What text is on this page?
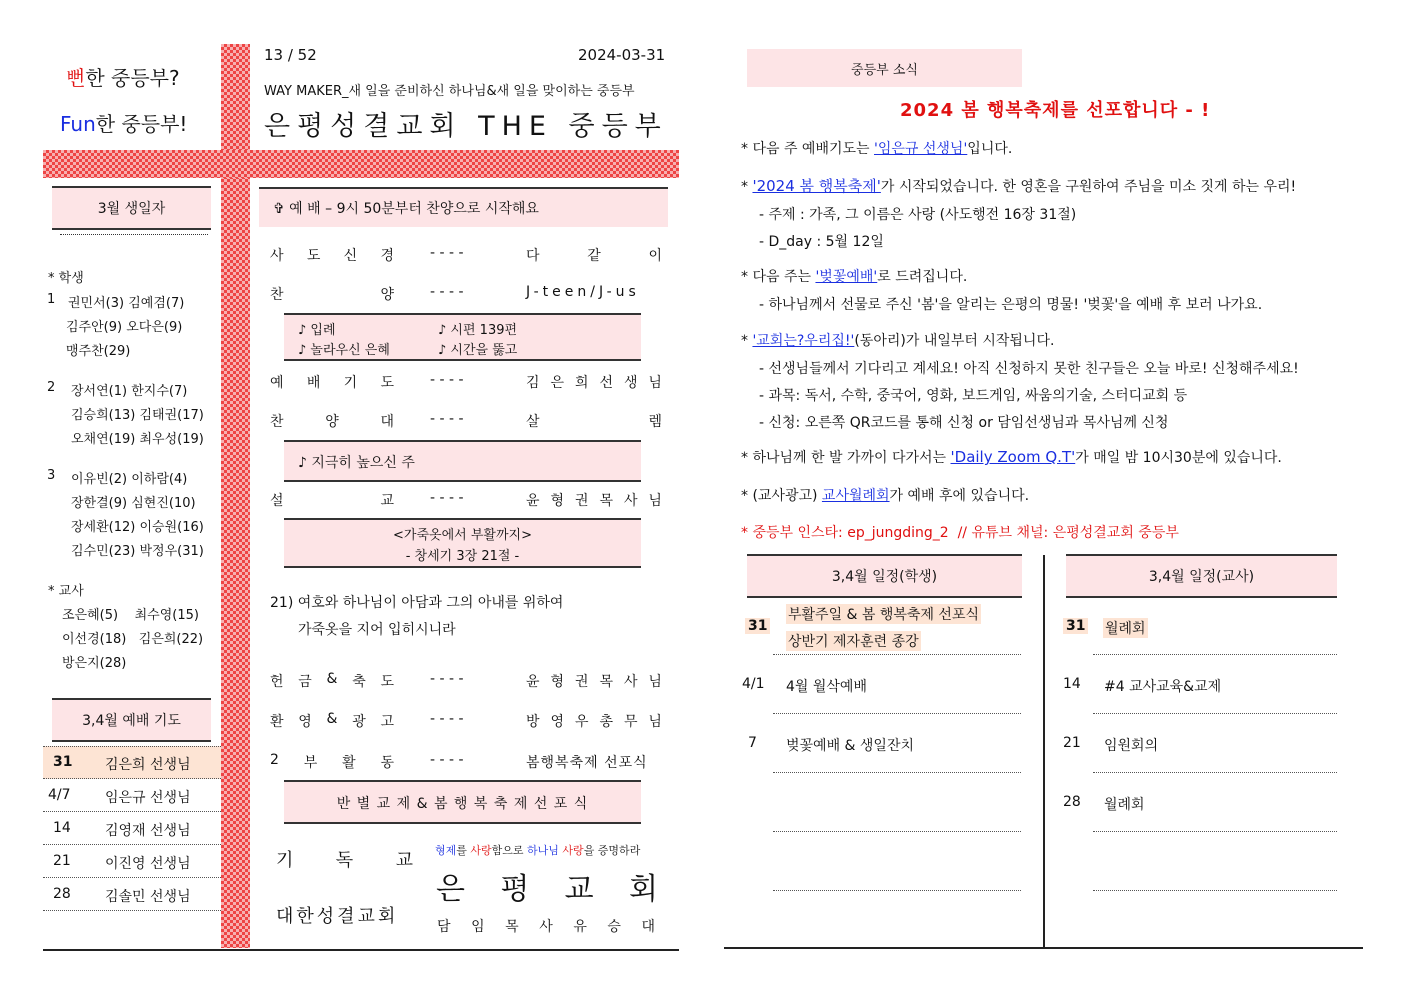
뻔한 중등부?
Fun한 중등부!
13 / 52	2024-03-31
WAY MAKER_새 일을 준비하신 하나님&새 일을 맞이하는 중등부
은평성결교회 THE 중등부
3월 생일자
* 학생
1 권민서(3) 김예겸(7)
김주안(9) 오다은(9)
맹주찬(29)
2 장서연(1) 한지수(7)
김승희(13) 김태권(17)
오채연(19) 최우성(19)
3 이유빈(2) 이하람(4)
장한결(9) 심현진(10)
장세환(12) 이승원(16)
김수민(23) 박정우(31)
* 교사
조은혜(5)    최수영(15)
이선경(18)   김은희(22)
방은지(28)
3,4월 예배 기도
31 김은희 선생님
4/7 임은규 선생님
14 김영재 선생님
21 이진영 선생님
28 김솔민 선생님
✞ 예 배 – 9시 50분부터 찬양으로 시작해요
사 도 신 경	- - - -	다	같	이
찬	양	- - - -	J-teen/J-us
♪ 입례	♪ 시편 139편
♪ 놀라우신 은혜	♪ 시간을 뚫고
예 배 기 도	- - - -	김 은 희 선 생 님
찬	양	대	- - - -	살	렘
♪ 지극히 높으신 주
설	교	- - - -	윤 형 권 목 사 님
<가죽옷에서 부활까지>
- 창세기 3장 21절 -
21) 여호와 하나님이 아담과 그의 아내를 위하여
가죽옷을 지어 입히시니라
헌 금 & 축 도	- - - -	윤 형 권 목 사 님
환 영 & 광 고	- - - -	방 영 우 총 무 님
2 부 활 동	- - - -	봄행복축제 선포식
반 별 교 제 & 봄 행 복 축 제 선 포 식
기 독 교
대한성결교회
형제를 사랑함으로 하나님 사랑을 증명하라
은 평 교 회
담 임 목 사 유 승 대
중등부 소식
2024 봄 행복축제를 선포합니다 - !
* 다음 주 예배기도는 '임은규 선생님'입니다.
* '2024 봄 행복축제'가 시작되었습니다. 한 영혼을 구원하여 주님을 미소 짓게 하는 우리!
- 주제 : 가족, 그 이름은 사랑 (사도행전 16장 31절)
- D_day : 5월 12일
* 다음 주는 '벚꽃예배'로 드려집니다.
- 하나님께서 선물로 주신 '봄'을 알리는 은평의 명물! '벚꽃'을 예배 후 보러 나가요.
* '교회는?우리집!'(동아리)가 내일부터 시작됩니다.
- 선생님들께서 기다리고 계세요! 아직 신청하지 못한 친구들은 오늘 바로! 신청해주세요!
- 과목: 독서, 수학, 중국어, 영화, 보드게임, 싸움의기술, 스터디교회 등
- 신청: 오른쪽 QR코드를 통해 신청 or 담임선생님과 목사님께 신청
* 하나님께 한 발 가까이 다가서는 'Daily Zoom Q.T'가 매일 밤 10시30분에 있습니다.
* (교사광고) 교사월례회가 예배 후에 있습니다.
* 중등부 인스타: ep_jungding_2  // 유튜브 채널: 은평성결교회 중등부
3,4월 일정(학생)	3,4월 일정(교사)
31
부활주일 & 봄 행복축제 선포식
상반기 제자훈련 종강
4/1 4월 월삭예배
7 벚꽃예배 & 생일잔치
31 월례회
14 #4 교사교육&교제
21 임원회의
28 월례회
